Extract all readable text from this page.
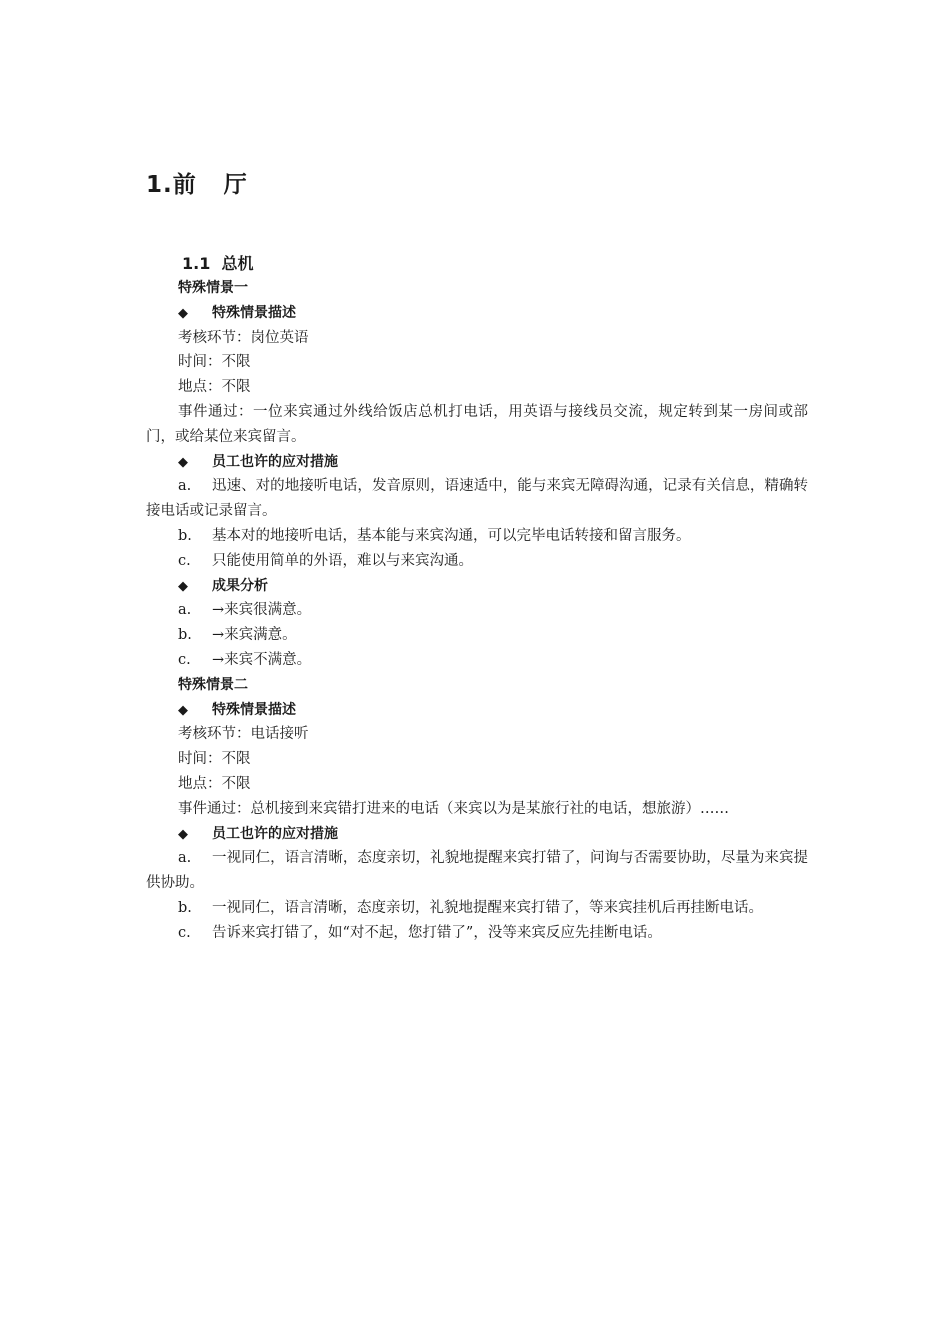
1.前   厅
1.1  总机
特殊情景一
◆ 特殊情景描述
考核环节：岗位英语
时间：不限
地点：不限
事件通过：一位来宾通过外线给饭店总机打电话，用英语与接线员交流，规定转到某一房间或部门，或给某位来宾留言。
◆ 员工也许的应对措施
a. 迅速、对的地接听电话，发音原则，语速适中，能与来宾无障碍沟通，记录有关信息，精确转接电话或记录留言。
b. 基本对的地接听电话，基本能与来宾沟通，可以完毕电话转接和留言服务。
c. 只能使用简单的外语，难以与来宾沟通。
◆ 成果分析
a. →来宾很满意。
b. →来宾满意。
c. →来宾不满意。
特殊情景二
◆ 特殊情景描述
考核环节：电话接听
时间：不限
地点：不限
事件通过：总机接到来宾错打进来的电话（来宾以为是某旅行社的电话，想旅游）……
◆ 员工也许的应对措施
a. 一视同仁，语言清晰，态度亲切，礼貌地提醒来宾打错了，问询与否需要协助，尽量为来宾提供协助。
b. 一视同仁，语言清晰，态度亲切，礼貌地提醒来宾打错了，等来宾挂机后再挂断电话。
c. 告诉来宾打错了，如“对不起，您打错了”，没等来宾反应先挂断电话。
